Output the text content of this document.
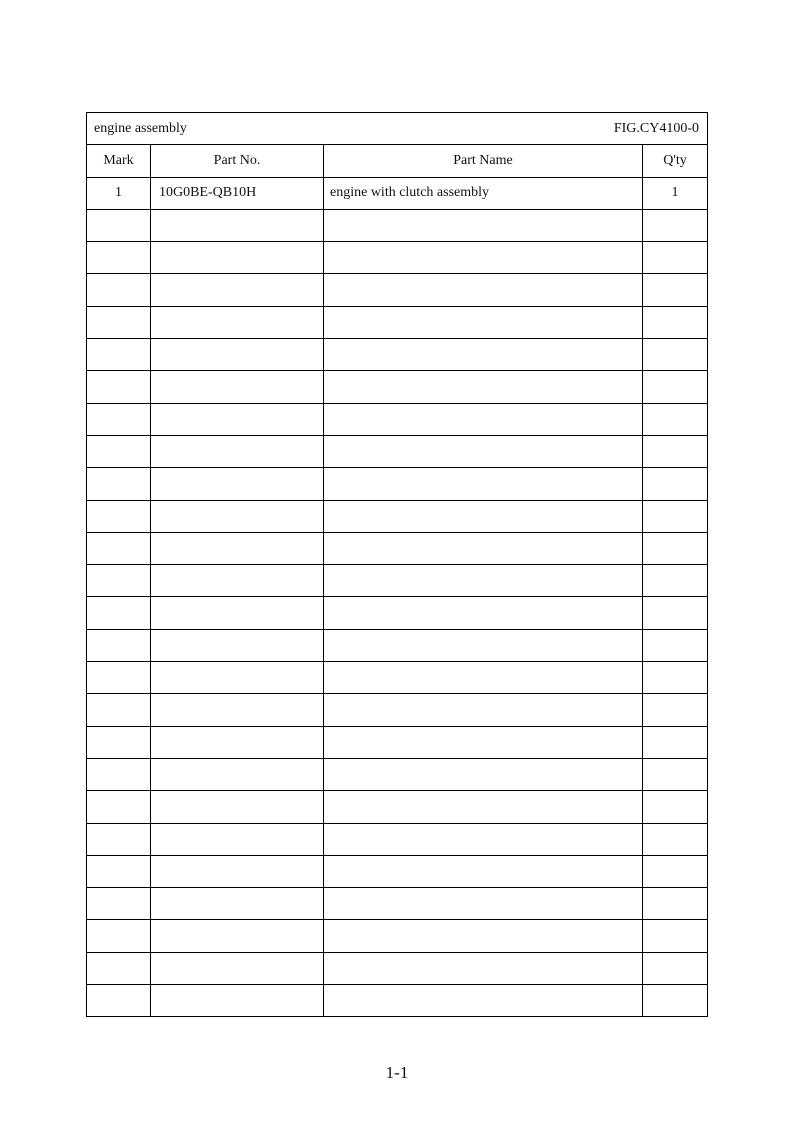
engine assembly FIG.CY4100-0			

Mark	Part No.	Part Name	Q'ty
1	10G0BE-QB10H	engine with clutch assembly	1

1-1
